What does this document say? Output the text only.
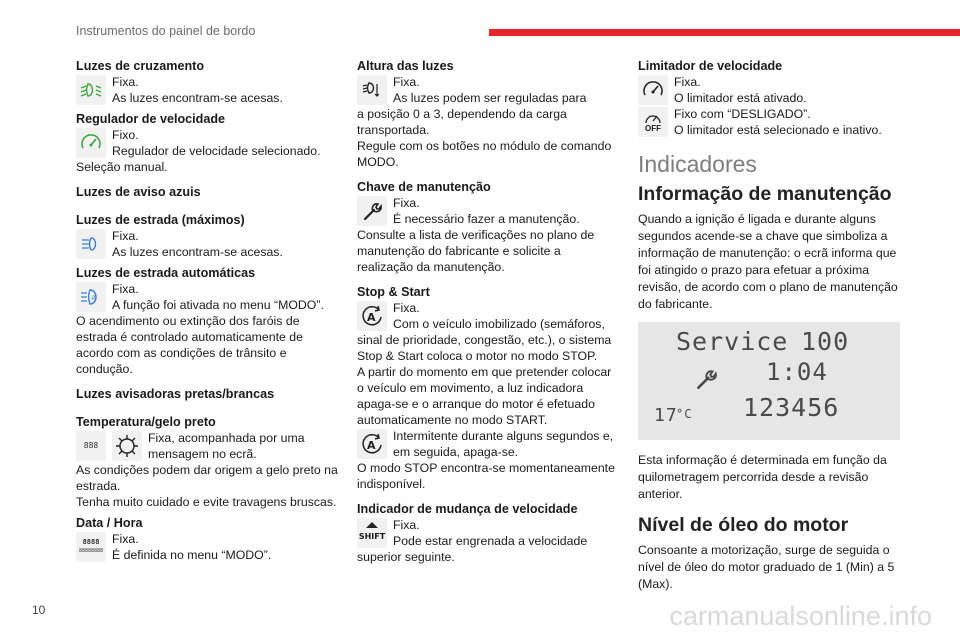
Instrumentos do painel de bordo
Luzes de cruzamento
Fixa.
As luzes encontram-se acesas.
Regulador de velocidade
Fixo.
Regulador de velocidade selecionado.
Seleção manual.
Luzes de aviso azuis
Luzes de estrada (máximos)
Fixa.
As luzes encontram-se acesas.
Luzes de estrada automáticas
A
Fixa.
A função foi ativada no menu “MODO”.
O acendimento ou extinção dos faróis de estrada é controlado automaticamente de acordo com as condições de trânsito e condução.
Luzes avisadoras pretas/brancas
Temperatura/gelo preto
888
Fixa, acompanhada por uma mensagem no ecrã.
As condições podem dar origem a gelo preto na estrada.
Tenha muito cuidado e evite travagens bruscas.
Data / Hora
8888
88888888
Fixa.
É definida no menu “MODO”.
Altura das luzes
Fixa.
As luzes podem ser reguladas para
a posição 0 a 3, dependendo da carga transportada.
Regule com os botões no módulo de comando MODO.
Chave de manutenção
Fixa.
É necessário fazer a manutenção.
Consulte a lista de verificações no plano de manutenção do fabricante e solicite a realização da manutenção.
Stop & Start
A
Fixa.
Com o veículo imobilizado (semáforos,
sinal de prioridade, congestão, etc.), o sistema Stop & Start coloca o motor no modo STOP.
A partir do momento em que pretender colocar o veículo em movimento, a luz indicadora apaga-se e o arranque do motor é efetuado automaticamente no modo START.
A
Intermitente durante alguns segundos e, em seguida, apaga-se.
O modo STOP encontra-se momentaneamente indisponível.
Indicador de mudança de velocidade
SHIFT
Fixa.
Pode estar engrenada a velocidade
superior seguinte.
Limitador de velocidade
Fixa.
O limitador está ativado.
OFF
Fixo com “DESLIGADO”.
O limitador está selecionado e inativo.
Indicadores
Informação de manutenção
Quando a ignição é ligada e durante alguns segundos acende-se a chave que simboliza a informação de manutenção: o ecrã informa que foi atingido o prazo para efetuar a próxima revisão, de acordo com o plano de manutenção do fabricante.
Service 100
1:04
17
°C 123456
Esta informação é determinada em função da quilometragem percorrida desde a revisão anterior.
Nível de óleo do motor
Consoante a motorização, surge de seguida o nível de óleo do motor graduado de 1 (Min) a 5 (Max).
10	carmanualsonline.info
